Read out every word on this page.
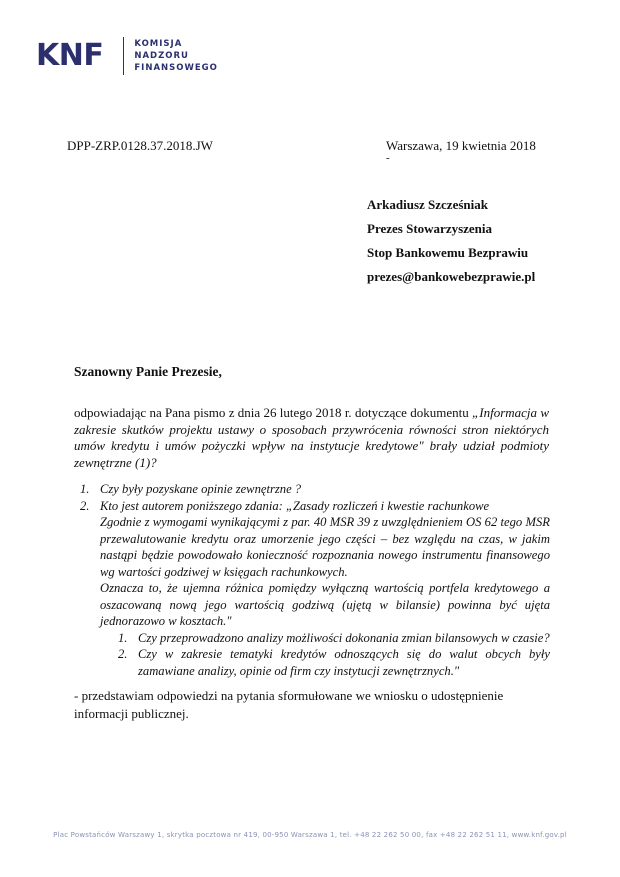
KNF	KOMISJA
NADZORU
FINANSOWEGO
DPP-ZRP.0128.37.2018.JW	Warszawa, 19 kwietnia 2018
-
Arkadiusz Szcześniak
Prezes Stowarzyszenia
Stop Bankowemu Bezprawiu
prezes@bankowebezprawie.pl
Szanowny Panie Prezesie,
odpowiadając na Pana pismo z dnia 26 lutego 2018 r. dotyczące dokumentu „Informacja w zakresie skutków projektu ustawy o sposobach przywrócenia równości stron niektórych umów kredytu i umów pożyczki wpływ na instytucje kredytowe" brały udział podmioty zewnętrzne (1)?
1. Czy były pozyskane opinie zewnętrzne ?
2. Kto jest autorem poniższego zdania: „Zasady rozliczeń i kwestie rachunkowe
Zgodnie z wymogami wynikającymi z par. 40 MSR 39 z uwzględnieniem OS 62 tego MSR przewalutowanie kredytu oraz umorzenie jego części – bez względu na czas, w jakim nastąpi będzie powodowało konieczność rozpoznania nowego instrumentu finansowego wg wartości godziwej w księgach rachunkowych.
Oznacza to, że ujemna różnica pomiędzy wyłączną wartością portfela kredytowego a oszacowaną nową jego wartością godziwą (ujętą w bilansie) powinna być ujęta jednorazowo w kosztach."
1. Czy przeprowadzono analizy możliwości dokonania zmian bilansowych w czasie?
2. Czy w zakresie tematyki kredytów odnoszących się do walut obcych były zamawiane analizy, opinie od firm czy instytucji zewnętrznych."
- przedstawiam odpowiedzi na pytania sformułowane we wniosku o udostępnienie informacji publicznej.
Plac Powstańców Warszawy 1, skrytka pocztowa nr 419, 00-950 Warszawa 1, tel. +48 22 262 50 00, fax +48 22 262 51 11, www.knf.gov.pl
